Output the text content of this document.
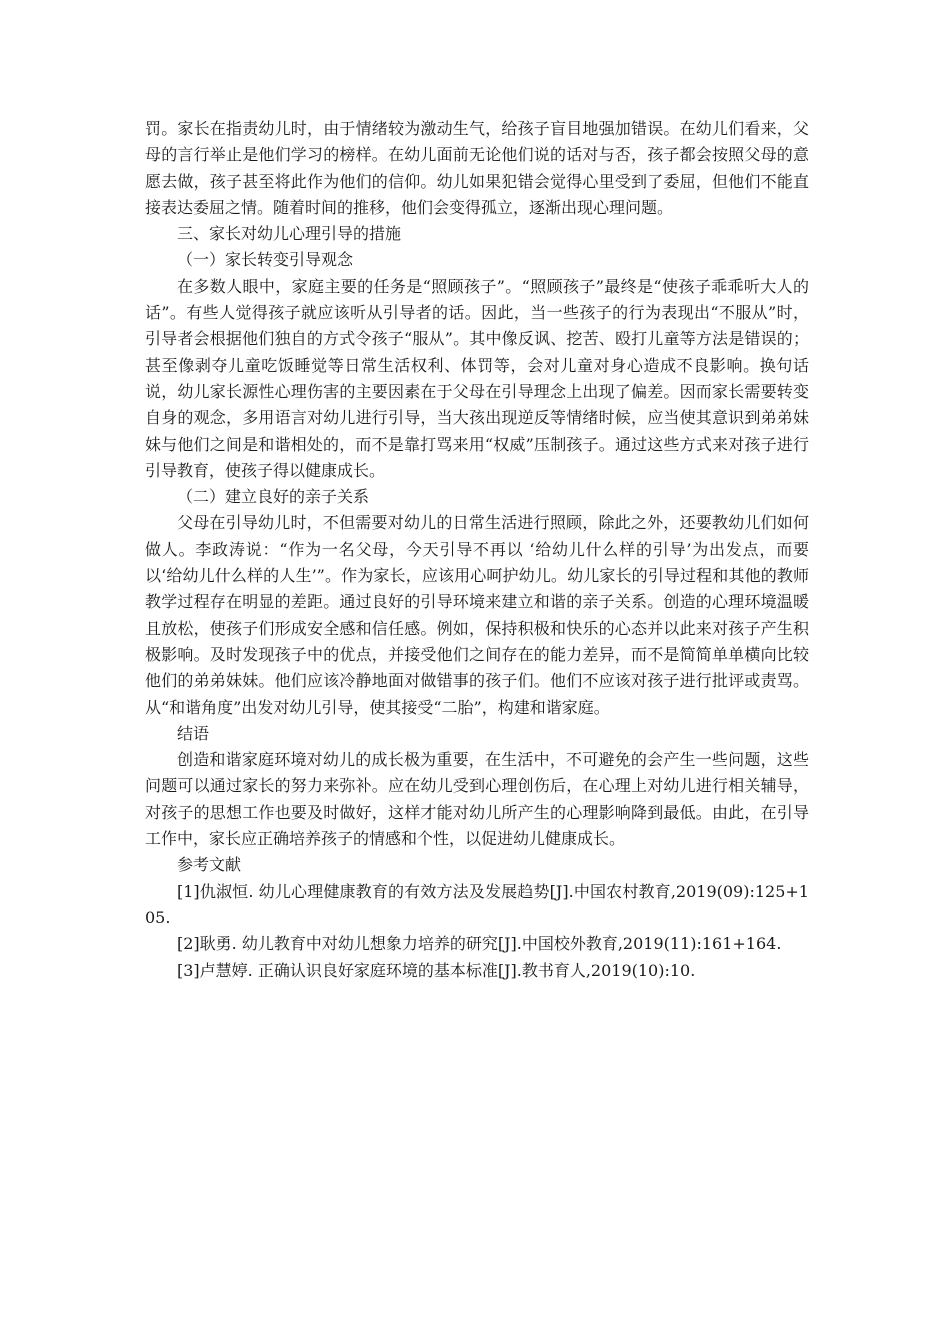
罚。家长在指责幼儿时，由于情绪较为激动生气，给孩子盲目地强加错误。在幼儿们看来，父母的言行举止是他们学习的榜样。在幼儿面前无论他们说的话对与否，孩子都会按照父母的意愿去做，孩子甚至将此作为他们的信仰。幼儿如果犯错会觉得心里受到了委屈，但他们不能直接表达委屈之情。随着时间的推移，他们会变得孤立，逐渐出现心理问题。

三、家长对幼儿心理引导的措施

（一）家长转变引导观念

在多数人眼中，家庭主要的任务是“照顾孩子”。“照顾孩子”最终是“使孩子乖乖听大人的话”。有些人觉得孩子就应该听从引导者的话。因此，当一些孩子的行为表现出“不服从”时，引导者会根据他们独自的方式令孩子“服从”。其中像反讽、挖苦、殴打儿童等方法是错误的；甚至像剥夺儿童吃饭睡觉等日常生活权利、体罚等，会对儿童对身心造成不良影响。换句话说，幼儿家长源性心理伤害的主要因素在于父母在引导理念上出现了偏差。因而家长需要转变自身的观念，多用语言对幼儿进行引导，当大孩出现逆反等情绪时候，应当使其意识到弟弟妹妹与他们之间是和谐相处的，而不是靠打骂来用“权威”压制孩子。通过这些方式来对孩子进行引导教育，使孩子得以健康成长。

（二）建立良好的亲子关系

父母在引导幼儿时，不但需要对幼儿的日常生活进行照顾，除此之外，还要教幼儿们如何做人。李政涛说：“作为一名父母，今天引导不再以 ‘给幼儿什么样的引导’为出发点，而要以‘给幼儿什么样的人生’”。作为家长，应该用心呵护幼儿。幼儿家长的引导过程和其他的教师教学过程存在明显的差距。通过良好的引导环境来建立和谐的亲子关系。创造的心理环境温暖且放松，使孩子们形成安全感和信任感。例如，保持积极和快乐的心态并以此来对孩子产生积极影响。及时发现孩子中的优点，并接受他们之间存在的能力差异，而不是简简单单横向比较他们的弟弟妹妹。他们应该冷静地面对做错事的孩子们。他们不应该对孩子进行批评或责骂。从“和谐角度”出发对幼儿引导，使其接受“二胎”，构建和谐家庭。

结语

创造和谐家庭环境对幼儿的成长极为重要，在生活中，不可避免的会产生一些问题，这些问题可以通过家长的努力来弥补。应在幼儿受到心理创伤后，在心理上对幼儿进行相关辅导，对孩子的思想工作也要及时做好，这样才能对幼儿所产生的心理影响降到最低。由此，在引导工作中，家长应正确培养孩子的情感和个性，以促进幼儿健康成长。

参考文献

[1]仇淑恒. 幼儿心理健康教育的有效方法及发展趋势[J].中国农村教育,2019(09):125+105.

[2]耿勇. 幼儿教育中对幼儿想象力培养的研究[J].中国校外教育,2019(11):161+164.

[3]卢慧婷. 正确认识良好家庭环境的基本标准[J].教书育人,2019(10):10.
